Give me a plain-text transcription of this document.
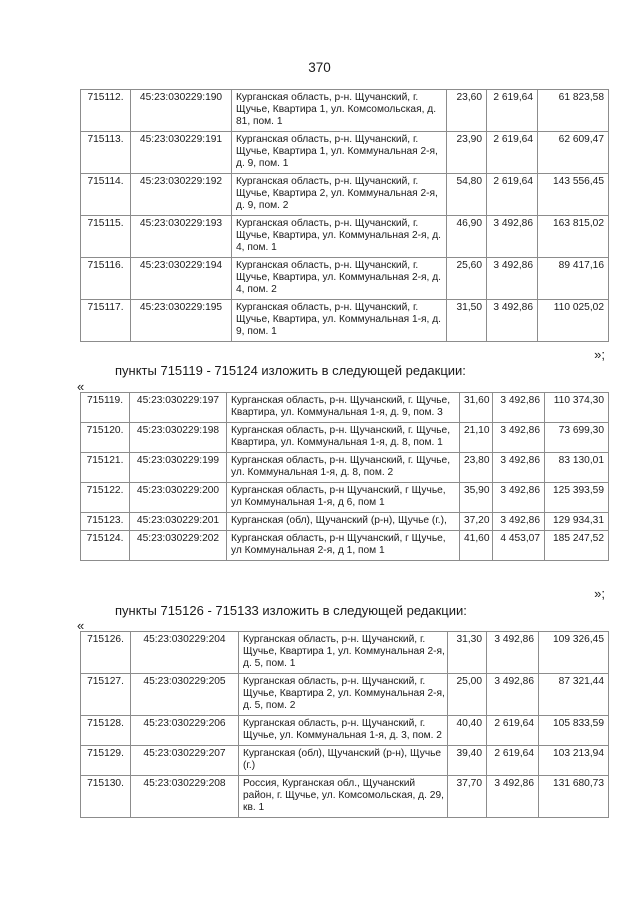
370
715112.	45:23:030229:190	Курганская область, р-н. Щучанский, г. Щучье, Квартира 1, ул. Комсомольская, д. 81, пом. 1	23,60	2 619,64	61 823,58
715113.	45:23:030229:191	Курганская область, р-н. Щучанский, г. Щучье, Квартира 1, ул. Коммунальная 2-я, д. 9, пом. 1	23,90	2 619,64	62 609,47
715114.	45:23:030229:192	Курганская область, р-н. Щучанский, г. Щучье, Квартира 2, ул. Коммунальная 2-я, д. 9, пом. 2	54,80	2 619,64	143 556,45
715115.	45:23:030229:193	Курганская область, р-н. Щучанский, г. Щучье, Квартира, ул. Коммунальная 2-я, д. 4, пом. 1	46,90	3 492,86	163 815,02
715116.	45:23:030229:194	Курганская область, р-н. Щучанский, г. Щучье, Квартира, ул. Коммунальная 2-я, д. 4, пом. 2	25,60	3 492,86	89 417,16
715117.	45:23:030229:195	Курганская область, р-н. Щучанский, г. Щучье, Квартира, ул. Коммунальная 1-я, д. 9, пом. 1	31,50	3 492,86	110 025,02
»;
пункты 715119 - 715124 изложить в следующей редакции:
«
715119.	45:23:030229:197	Курганская область, р-н. Щучанский, г. Щучье, Квартира, ул. Коммунальная 1-я, д. 9, пом. 3	31,60	3 492,86	110 374,30
715120.	45:23:030229:198	Курганская область, р-н. Щучанский, г. Щучье, Квартира, ул. Коммунальная 1-я, д. 8, пом. 1	21,10	3 492,86	73 699,30
715121.	45:23:030229:199	Курганская область, р-н. Щучанский, г. Щучье, ул. Коммунальная 1-я, д. 8, пом. 2	23,80	3 492,86	83 130,01
715122.	45:23:030229:200	Курганская область, р-н Щучанский, г Щучье, ул Коммунальная 1-я, д 6, пом 1	35,90	3 492,86	125 393,59
715123.	45:23:030229:201	Курганская (обл), Щучанский (р-н), Щучье (г.),	37,20	3 492,86	129 934,31
715124.	45:23:030229:202	Курганская область, р-н Щучанский, г Щучье, ул Коммунальная 2-я, д 1, пом 1	41,60	4 453,07	185 247,52
»;
пункты 715126 - 715133 изложить в следующей редакции:
«
715126.	45:23:030229:204	Курганская область, р-н. Щучанский, г. Щучье, Квартира 1, ул. Коммунальная 2-я, д. 5, пом. 1	31,30	3 492,86	109 326,45
715127.	45:23:030229:205	Курганская область, р-н. Щучанский, г. Щучье, Квартира 2, ул. Коммунальная 2-я, д. 5, пом. 2	25,00	3 492,86	87 321,44
715128.	45:23:030229:206	Курганская область, р-н. Щучанский, г. Щучье, ул. Коммунальная 1-я, д. 3, пом. 2	40,40	2 619,64	105 833,59
715129.	45:23:030229:207	Курганская (обл), Щучанский (р-н), Щучье (г.)	39,40	2 619,64	103 213,94
715130.	45:23:030229:208	Россия, Курганская обл., Щучанский район, г. Щучье, ул. Комсомольская, д. 29, кв. 1	37,70	3 492,86	131 680,73
